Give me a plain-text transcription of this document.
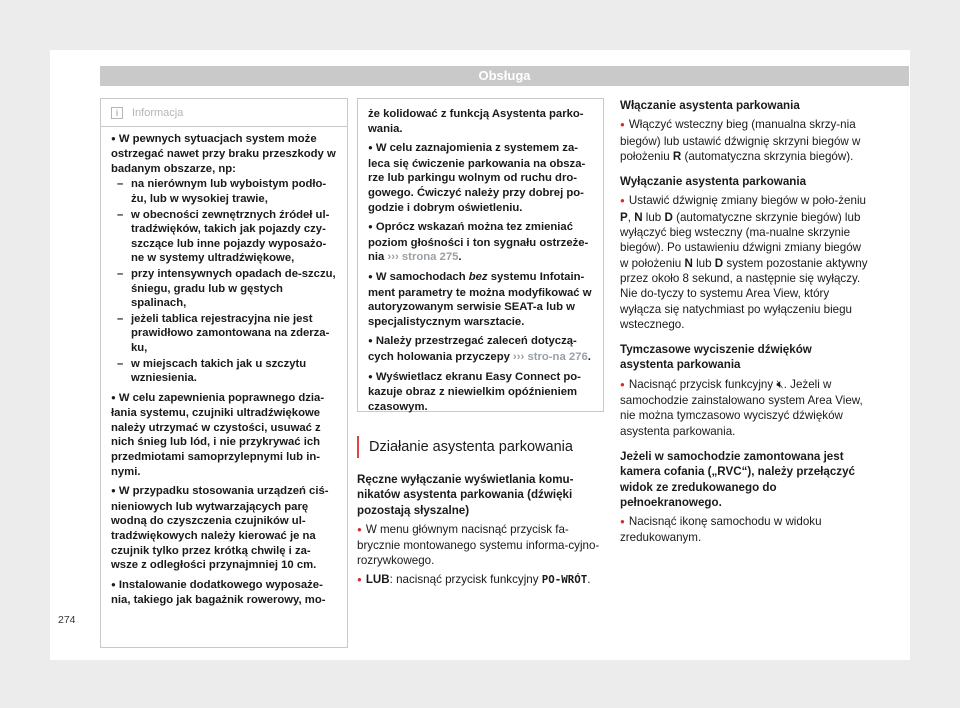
Obsługa
i	Informacja

● W pewnych sytuacjach system może ostrzegać nawet przy braku przeszkody w badanym obszarze, np:

– na nierównym lub wyboistym podło-żu, lub w wysokiej trawie,

– w obecności zewnętrznych źródeł ul-tradźwięków, takich jak pojazdy czy-szczące lub inne pojazdy wyposażo-ne w systemy ultradźwiękowe,

– przy intensywnych opadach de-szczu, śniegu, gradu lub w gęstych spalinach,

– jeżeli tablica rejestracyjna nie jest prawidłowo zamontowana na zderza-ku,

– w miejscach takich jak u szczytu wzniesienia.

● W celu zapewnienia poprawnego dzia-łania systemu, czujniki ultradźwiękowe należy utrzymać w czystości, usuwać z nich śnieg lub lód, i nie przykrywać ich przedmiotami samoprzylepnymi lub in-nymi.

● W przypadku stosowania urządzeń ciś-nieniowych lub wytwarzających parę wodną do czyszczenia czujników ul-tradźwiękowych należy kierować je na czujnik tylko przez krótką chwilę i za-wsze z odległości przynajmniej 10 cm.

● Instalowanie dodatkowego wyposaże-nia, takiego jak bagażnik rowerowy, mo-

że kolidować z funkcją Asystenta parko-wania.

● W celu zaznajomienia z systemem za-leca się ćwiczenie parkowania na obsza-rze lub parkingu wolnym od ruchu dro-gowego. Ćwiczyć należy przy dobrej po-godzie i dobrym oświetleniu.

● Oprócz wskazań można tez zmieniać poziom głośności i ton sygnału ostrzeże-nia ››› strona 275.

● W samochodach bez systemu Infotain-ment parametry te można modyfikować w autoryzowanym serwisie SEAT-a lub w specjalistycznym warsztacie.

● Należy przestrzegać zaleceń dotyczą-cych holowania przyczepy ››› stro-na 276.

● Wyświetlacz ekranu Easy Connect po-kazuje obraz z niewielkim opóźnieniem czasowym.

Działanie asystenta parkowania

Ręczne wyłączanie wyświetlania komu-nikatów asystenta parkowania (dźwięki pozostają słyszalne)

● W menu głównym nacisnąć przycisk fa-brycznie montowanego systemu informa-cyjno-rozrywkowego.

● LUB: nacisnąć przycisk funkcyjny PO-WRÓT.

Włączanie asystenta parkowania

● Włączyć wsteczny bieg (manualna skrzy-nia biegów) lub ustawić dźwignię skrzyni biegów w położeniu R (automatyczna skrzynia biegów).

Wyłączanie asystenta parkowania

● Ustawić dźwignię zmiany biegów w poło-żeniu P, N lub D (automatyczne skrzynie biegów) lub wyłączyć bieg wsteczny (ma-nualne skrzynie biegów). Po ustawieniu dźwigni zmiany biegów w położeniu N lub D system pozostanie aktywny przez około 8 sekund, a następnie się wyłączy. Nie do-tyczy to systemu Area View, który wyłącza się natychmiast po wyłączeniu biegu wstecznego.

Tymczasowe wyciszenie dźwięków asystenta parkowania

● Nacisnąć przycisk funkcyjny 🔇︎. Jeżeli w samochodzie zainstalowano system Area View, nie można tymczasowo wyciszyć dźwięków asystenta parkowania.

Jeżeli w samochodzie zamontowana jest kamera cofania („RVC“), należy przełączyć widok ze zredukowanego do pełnoekranowego.

● Nacisnąć ikonę samochodu w widoku zredukowanym.

274
